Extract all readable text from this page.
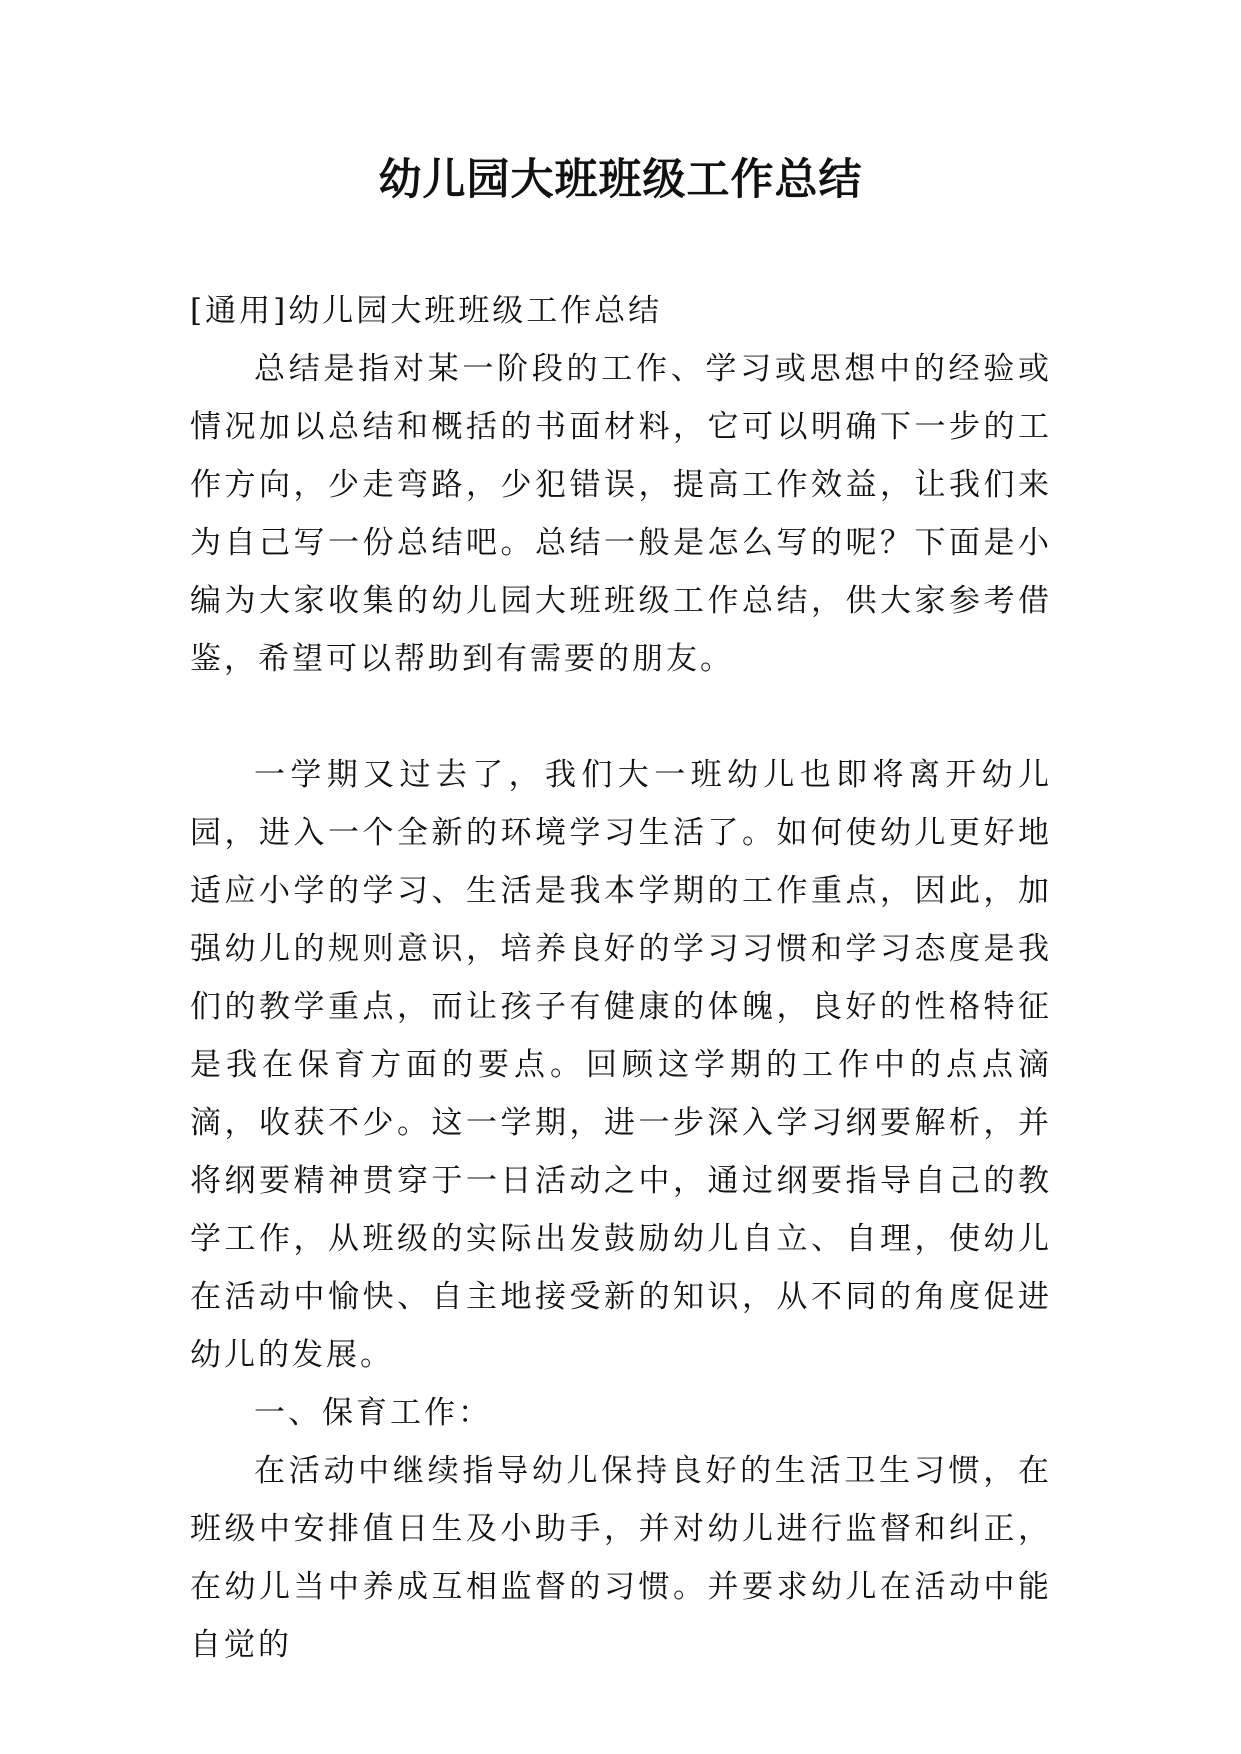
幼儿园大班班级工作总结

[通用]幼儿园大班班级工作总结

总结是指对某一阶段的工作、学习或思想中的经验或情况加以总结和概括的书面材料，它可以明确下一步的工作方向，少走弯路，少犯错误，提高工作效益，让我们来为自己写一份总结吧。总结一般是怎么写的呢？下面是小编为大家收集的幼儿园大班班级工作总结，供大家参考借鉴，希望可以帮助到有需要的朋友。

一学期又过去了，我们大一班幼儿也即将离开幼儿园，进入一个全新的环境学习生活了。如何使幼儿更好地适应小学的学习、生活是我本学期的工作重点，因此，加强幼儿的规则意识，培养良好的学习习惯和学习态度是我们的教学重点，而让孩子有健康的体魄，良好的性格特征是我在保育方面的要点。回顾这学期的工作中的点点滴滴，收获不少。这一学期，进一步深入学习纲要解析，并将纲要精神贯穿于一日活动之中，通过纲要指导自己的教学工作，从班级的实际出发鼓励幼儿自立、自理，使幼儿在活动中愉快、自主地接受新的知识，从不同的角度促进幼儿的发展。

一、保育工作：

在活动中继续指导幼儿保持良好的生活卫生习惯，在班级中安排值日生及小助手，并对幼儿进行监督和纠正，在幼儿当中养成互相监督的习惯。并要求幼儿在活动中能自觉的
